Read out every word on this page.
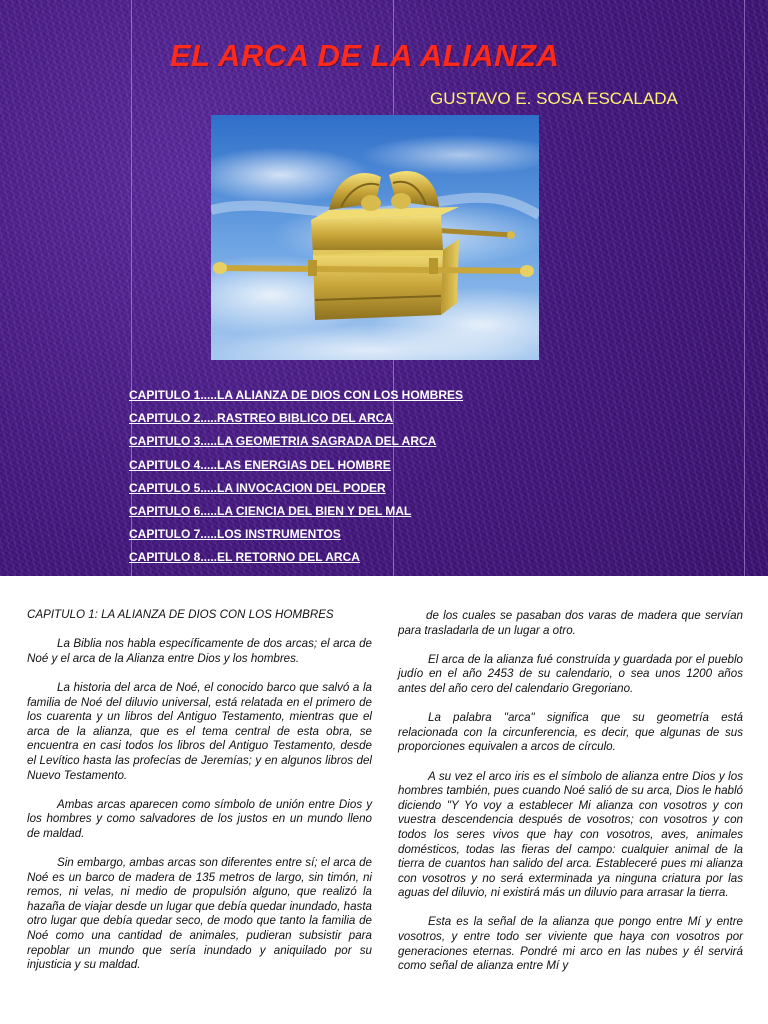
EL ARCA DE LA ALIANZA

GUSTAVO E. SOSA ESCALADA

CAPITULO 1.....LA ALIANZA DE DIOS CON LOS HOMBRES
CAPITULO 2.....RASTREO BIBLICO DEL ARCA
CAPITULO 3.....LA GEOMETRIA SAGRADA DEL ARCA
CAPITULO 4.....LAS ENERGIAS DEL HOMBRE
CAPITULO 5.....LA INVOCACION DEL PODER
CAPITULO 6.....LA CIENCIA DEL BIEN Y DEL MAL
CAPITULO 7.....LOS INSTRUMENTOS
CAPITULO 8.....EL RETORNO DEL ARCA

CAPITULO 1: LA ALIANZA DE DIOS CON LOS HOMBRES

La Biblia nos habla específicamente de dos arcas; el arca de Noé y el arca de la Alianza entre Dios y los hombres.

La historia del arca de Noé, el conocido barco que salvó a la familia de Noé del diluvio universal, está relatada en el primero de los cuarenta y un libros del Antiguo Testamento, mientras que el arca de la alianza, que es el tema central de esta obra, se encuentra en casi todos los libros del Antiguo Testamento, desde el Levítico hasta las profecías de Jeremías; y en algunos libros del Nuevo Testamento.

Ambas arcas aparecen como símbolo de unión entre Dios y los hombres y como salvadores de los justos en un mundo lleno de maldad.

Sin embargo, ambas arcas son diferentes entre sí; el arca de Noé es un barco de madera de 135 metros de largo, sin timón, ni remos, ni velas, ni medio de propulsión alguno, que realizó la hazaña de viajar desde un lugar que debía quedar inundado, hasta otro lugar que debía quedar seco, de modo que tanto la familia de Noé como una cantidad de animales, pudieran subsistir para repoblar un mundo que sería inundado y aniquilado por su injusticia y su maldad.

de los cuales se pasaban dos varas de madera que servían para trasladarla de un lugar a otro.

El arca de la alianza fué construída y guardada por el pueblo judío en el año 2453 de su calendario, o sea unos 1200 años antes del año cero del calendario Gregoriano.

La palabra "arca" significa que su geometría está relacionada con la circunferencia, es decir, que algunas de sus proporciones equivalen a arcos de círculo.

A su vez el arco iris es el símbolo de alianza entre Dios y los hombres también, pues cuando Noé salió de su arca, Dios le habló diciendo "Y Yo voy a establecer Mi alianza con vosotros y con vuestra descendencia después de vosotros; con vosotros y con todos los seres vivos que hay con vosotros, aves, animales domésticos, todas las fieras del campo: cualquier animal de la tierra de cuantos han salido del arca. Estableceré pues mi alianza con vosotros y no será exterminada ya ninguna criatura por las aguas del diluvio, ni existirá más un diluvio para arrasar la tierra.

Esta es la señal de la alianza que pongo entre Mí y entre vosotros, y entre todo ser viviente que haya con vosotros por generaciones eternas. Pondré mi arco en las nubes y él servirá como señal de alianza entre Mí y
